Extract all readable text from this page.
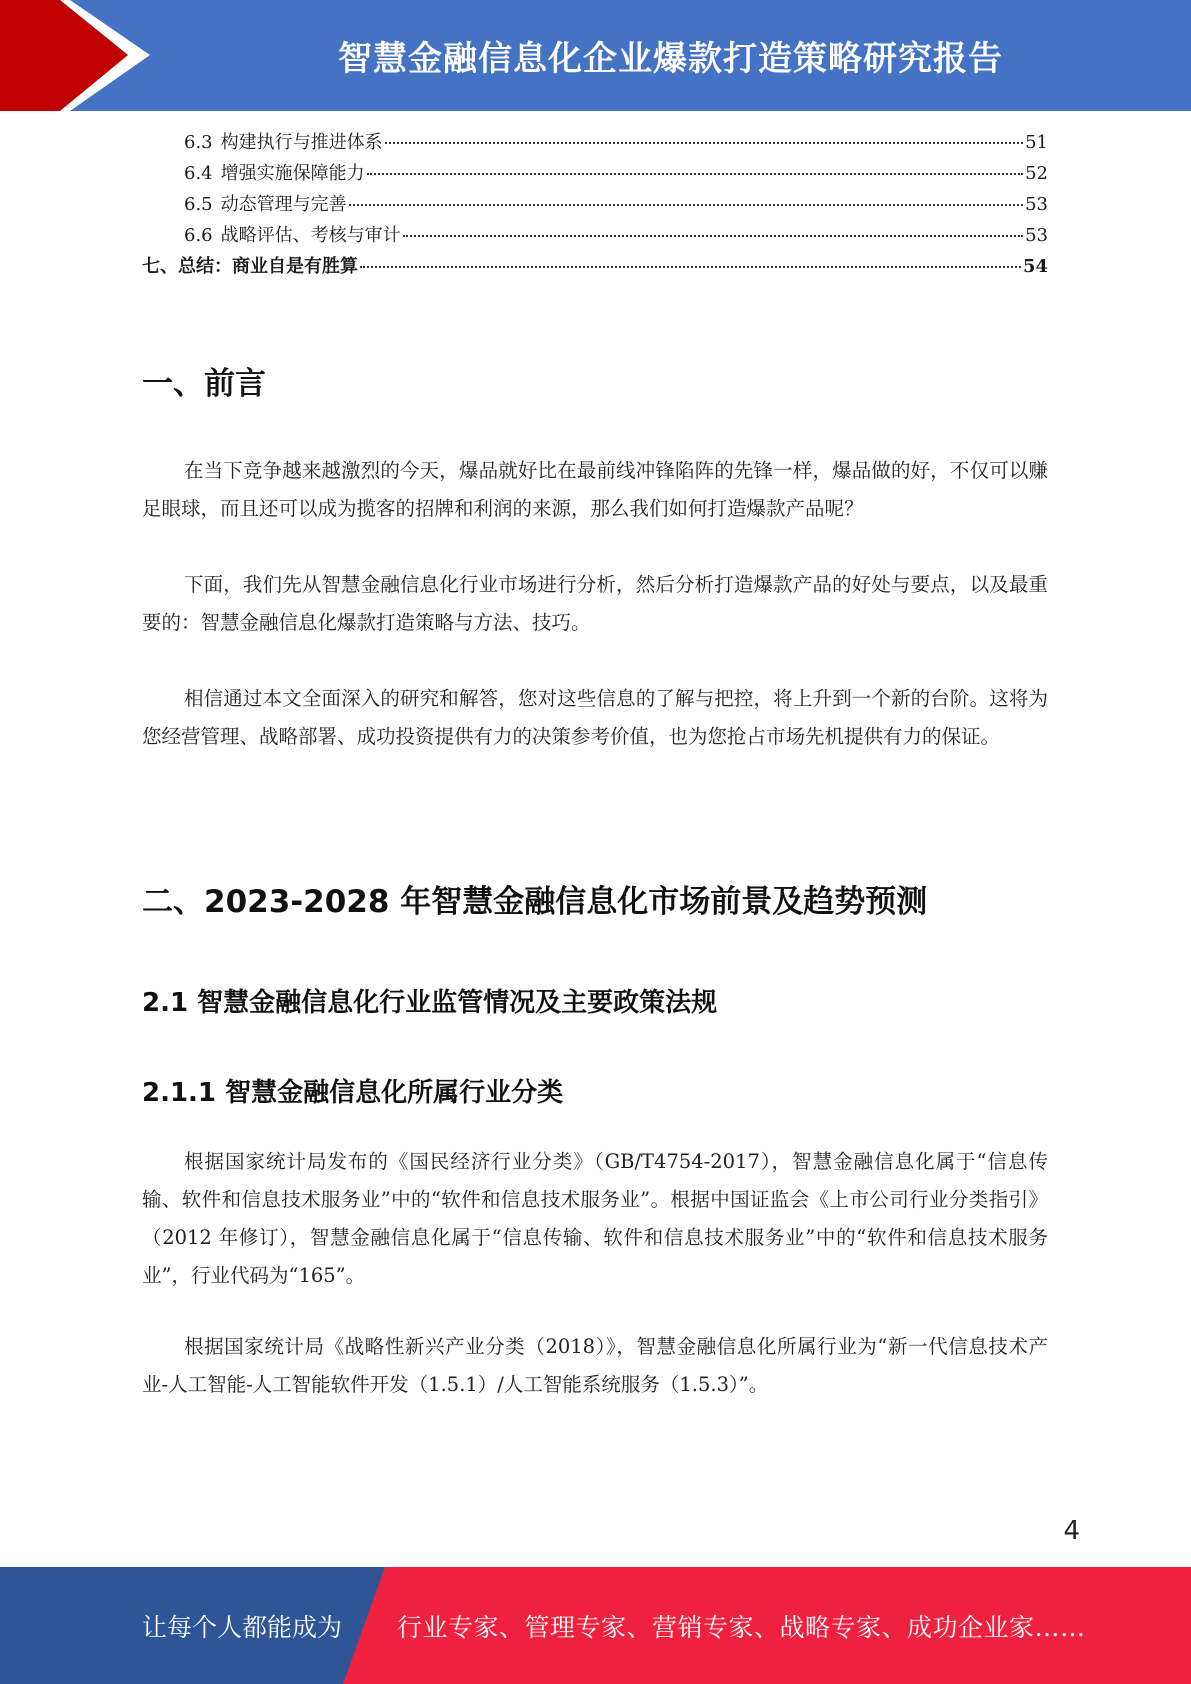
智慧金融信息化企业爆款打造策略研究报告
6.3 构建执行与推进体系	51
6.4 增强实施保障能力	52
6.5 动态管理与完善	53
6.6 战略评估、考核与审计	53
七、总结：商业自是有胜算	54
一、前言

在当下竞争越来越激烈的今天，爆品就好比在最前线冲锋陷阵的先锋一样，爆品做的好，不仅可以赚足眼球，而且还可以成为揽客的招牌和利润的来源，那么我们如何打造爆款产品呢？

下面，我们先从智慧金融信息化行业市场进行分析，然后分析打造爆款产品的好处与要点，以及最重要的：智慧金融信息化爆款打造策略与方法、技巧。

相信通过本文全面深入的研究和解答，您对这些信息的了解与把控，将上升到一个新的台阶。这将为您经营管理、战略部署、成功投资提供有力的决策参考价值，也为您抢占市场先机提供有力的保证。

二、2023-2028 年智慧金融信息化市场前景及趋势预测
2.1 智慧金融信息化行业监管情况及主要政策法规
2.1.1 智慧金融信息化所属行业分类

根据国家统计局发布的《国民经济行业分类》（GB/T4754-2017），智慧金融信息化属于“信息传输、软件和信息技术服务业”中的“软件和信息技术服务业”。根据中国证监会《上市公司行业分类指引》（2012 年修订），智慧金融信息化属于“信息传输、软件和信息技术服务业”中的“软件和信息技术服务业”，行业代码为“165”。

根据国家统计局《战略性新兴产业分类（2018）》，智慧金融信息化所属行业为“新一代信息技术产业-人工智能-人工智能软件开发（1.5.1）/人工智能系统服务（1.5.3）”。

4
让每个人都能成为 行业专家、管理专家、营销专家、战略专家、成功企业家……
